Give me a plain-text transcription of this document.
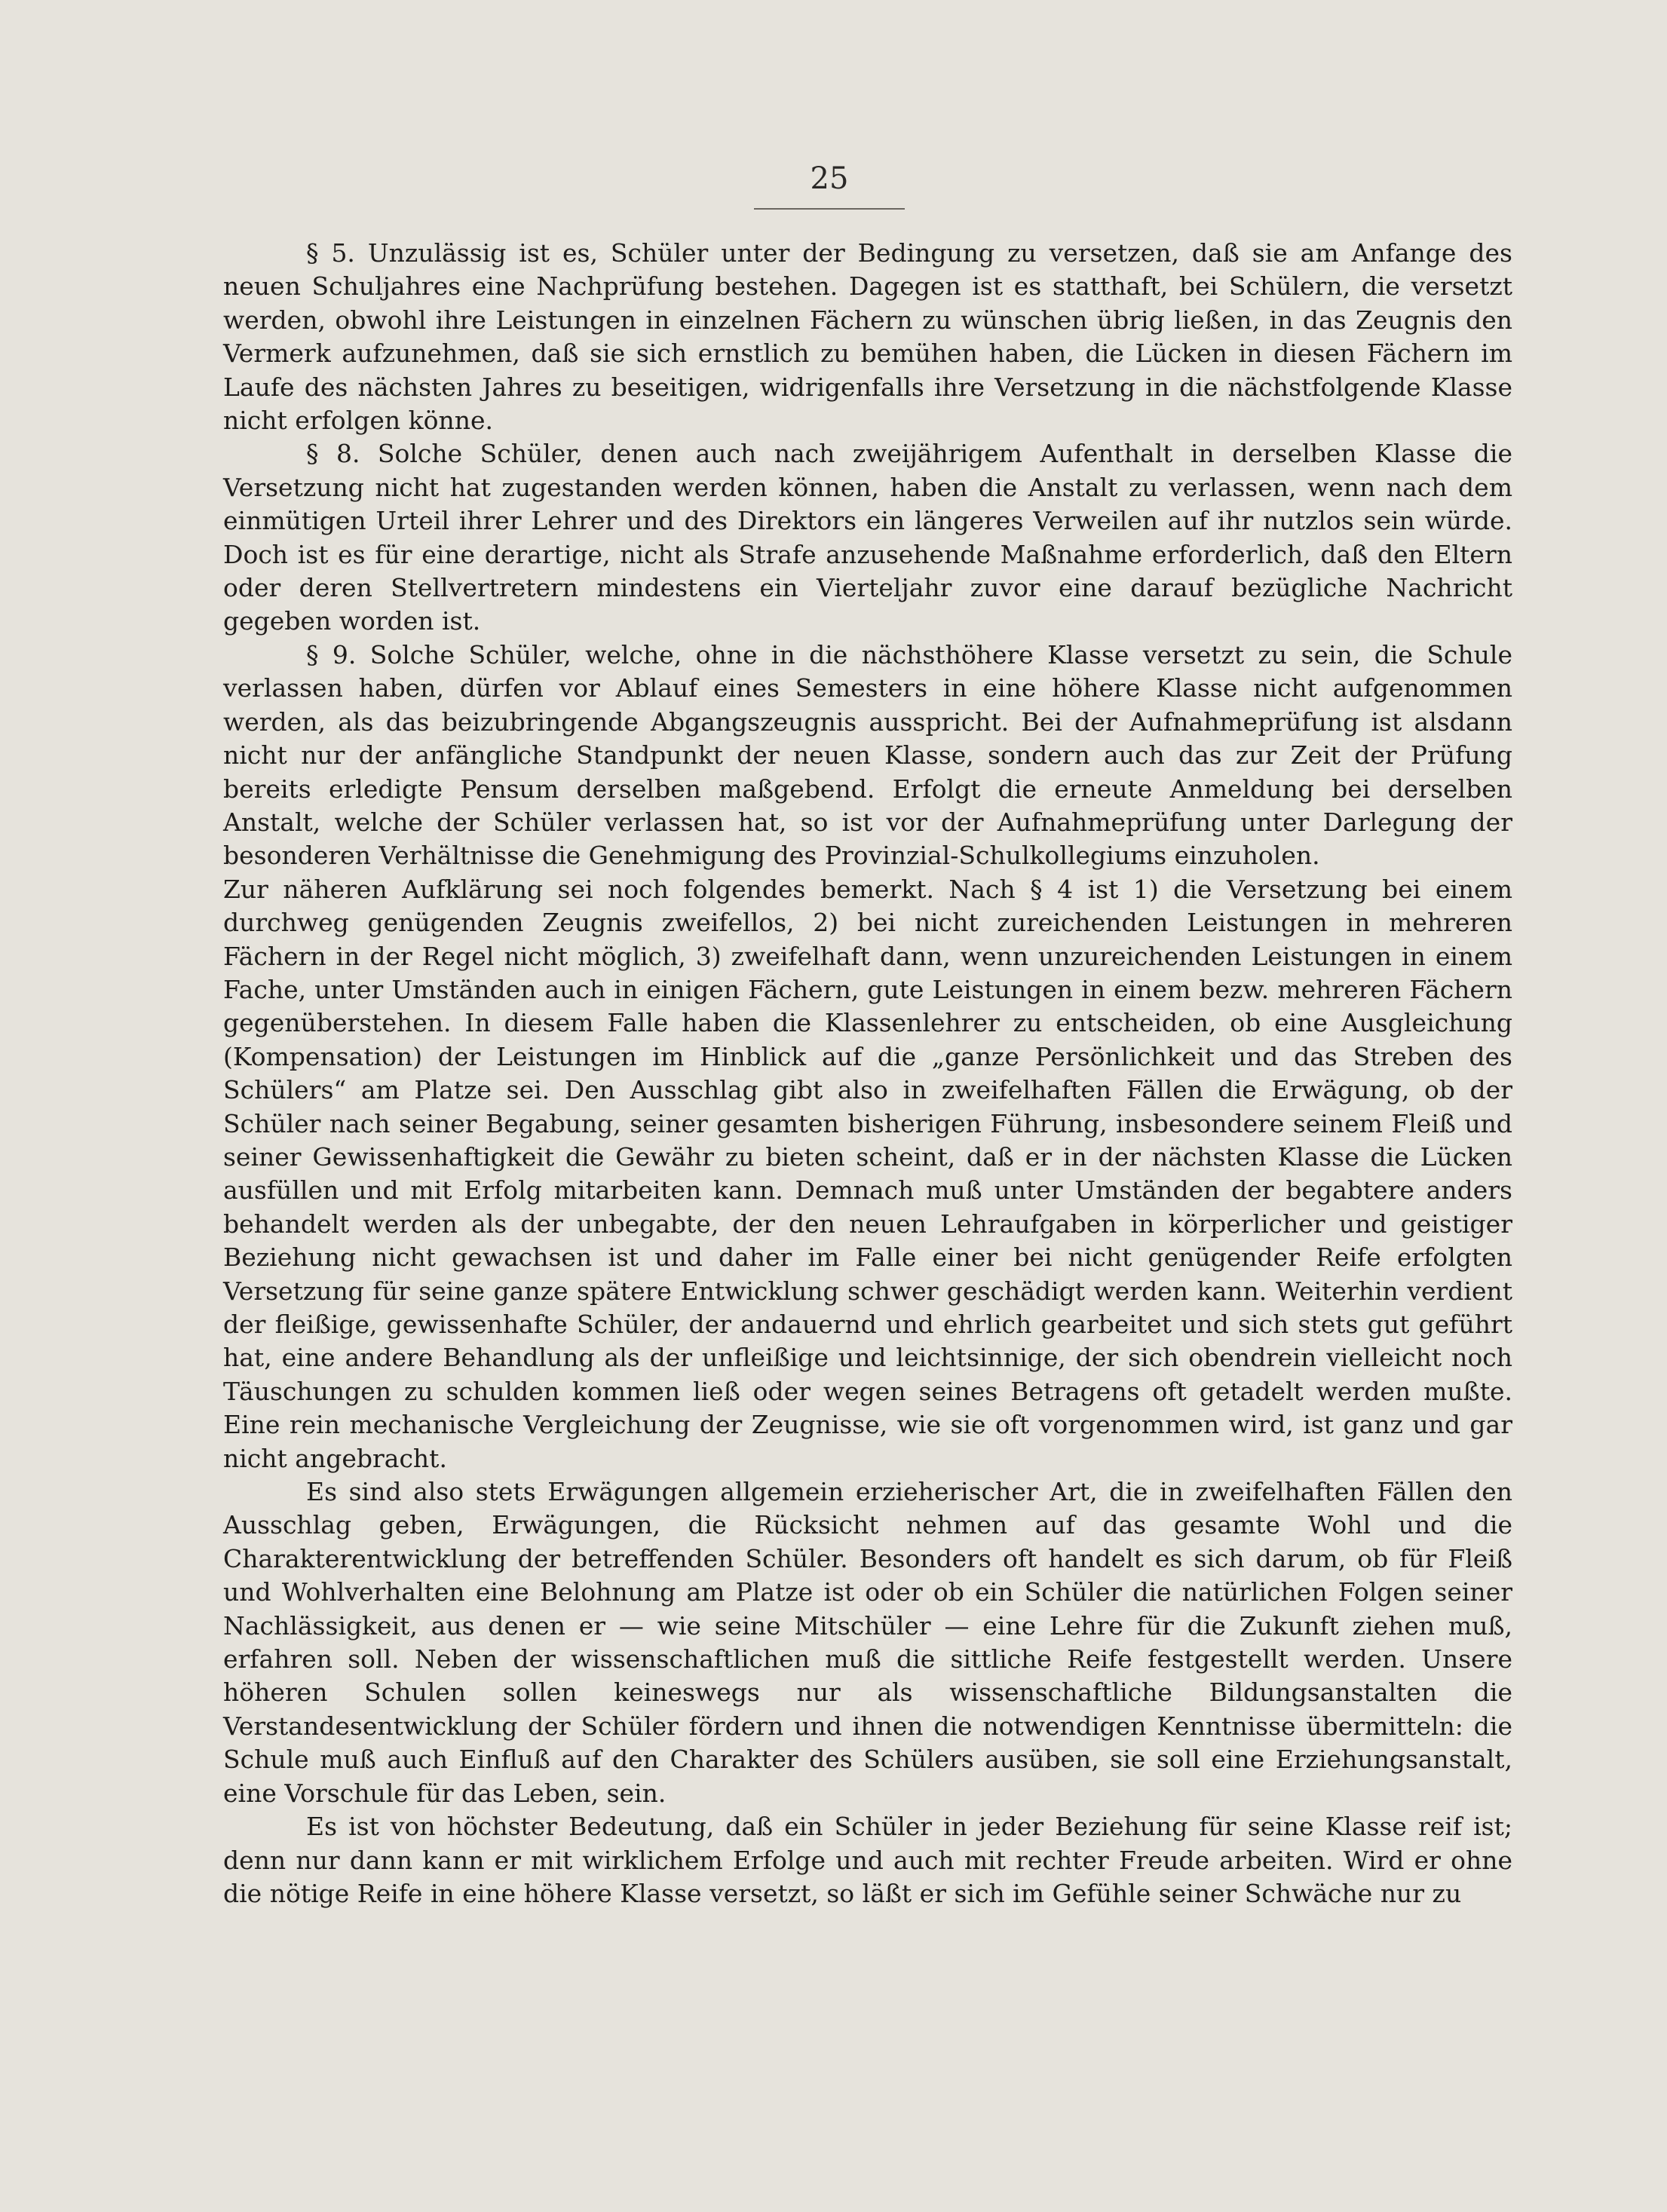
25

§ 5. Unzulässig ist es, Schüler unter der Bedingung zu versetzen, daß sie am Anfange des neuen Schuljahres eine Nachprüfung bestehen. Dagegen ist es statthaft, bei Schülern, die versetzt werden, obwohl ihre Leistungen in einzelnen Fächern zu wünschen übrig ließen, in das Zeugnis den Vermerk aufzunehmen, daß sie sich ernstlich zu bemühen haben, die Lücken in diesen Fächern im Laufe des nächsten Jahres zu beseitigen, widrigenfalls ihre Versetzung in die nächstfolgende Klasse nicht erfolgen könne.

§ 8. Solche Schüler, denen auch nach zweijährigem Aufenthalt in derselben Klasse die Versetzung nicht hat zugestanden werden können, haben die Anstalt zu verlassen, wenn nach dem einmütigen Urteil ihrer Lehrer und des Direktors ein längeres Verweilen auf ihr nutzlos sein würde. Doch ist es für eine derartige, nicht als Strafe anzusehende Maßnahme erforderlich, daß den Eltern oder deren Stellvertretern mindestens ein Vierteljahr zuvor eine darauf bezügliche Nachricht gegeben worden ist.

§ 9. Solche Schüler, welche, ohne in die nächsthöhere Klasse versetzt zu sein, die Schule verlassen haben, dürfen vor Ablauf eines Semesters in eine höhere Klasse nicht aufgenommen werden, als das beizubringende Abgangszeugnis ausspricht. Bei der Aufnahmeprüfung ist alsdann nicht nur der anfängliche Standpunkt der neuen Klasse, sondern auch das zur Zeit der Prüfung bereits erledigte Pensum derselben maßgebend. Erfolgt die erneute Anmeldung bei derselben Anstalt, welche der Schüler verlassen hat, so ist vor der Aufnahmeprüfung unter Darlegung der besonderen Verhältnisse die Genehmigung des Provinzial-Schulkollegiums einzuholen.

Zur näheren Aufklärung sei noch folgendes bemerkt. Nach § 4 ist 1) die Versetzung bei einem durchweg genügenden Zeugnis zweifellos, 2) bei nicht zureichenden Leistungen in mehreren Fächern in der Regel nicht möglich, 3) zweifelhaft dann, wenn unzureichenden Leistungen in einem Fache, unter Umständen auch in einigen Fächern, gute Leistungen in einem bezw. mehreren Fächern gegenüberstehen. In diesem Falle haben die Klassenlehrer zu entscheiden, ob eine Ausgleichung (Kompensation) der Leistungen im Hinblick auf die „ganze Persönlichkeit und das Streben des Schülers“ am Platze sei. Den Ausschlag gibt also in zweifelhaften Fällen die Erwägung, ob der Schüler nach seiner Begabung, seiner gesamten bisherigen Führung, insbesondere seinem Fleiß und seiner Gewissenhaftigkeit die Gewähr zu bieten scheint, daß er in der nächsten Klasse die Lücken ausfüllen und mit Erfolg mitarbeiten kann. Demnach muß unter Umständen der begabtere anders behandelt werden als der unbegabte, der den neuen Lehraufgaben in körperlicher und geistiger Beziehung nicht gewachsen ist und daher im Falle einer bei nicht genügender Reife erfolgten Versetzung für seine ganze spätere Entwicklung schwer geschädigt werden kann. Weiterhin verdient der fleißige, gewissenhafte Schüler, der andauernd und ehrlich gearbeitet und sich stets gut geführt hat, eine andere Behandlung als der unfleißige und leichtsinnige, der sich obendrein vielleicht noch Täuschungen zu schulden kommen ließ oder wegen seines Betragens oft getadelt werden mußte. Eine rein mechanische Vergleichung der Zeugnisse, wie sie oft vorgenommen wird, ist ganz und gar nicht angebracht.

Es sind also stets Erwägungen allgemein erzieherischer Art, die in zweifelhaften Fällen den Ausschlag geben, Erwägungen, die Rücksicht nehmen auf das gesamte Wohl und die Charakterentwicklung der betreffenden Schüler. Besonders oft handelt es sich darum, ob für Fleiß und Wohlverhalten eine Belohnung am Platze ist oder ob ein Schüler die natürlichen Folgen seiner Nachlässigkeit, aus denen er — wie seine Mitschüler — eine Lehre für die Zukunft ziehen muß, erfahren soll. Neben der wissenschaftlichen muß die sittliche Reife festgestellt werden. Unsere höheren Schulen sollen keineswegs nur als wissenschaftliche Bildungsanstalten die Verstandesentwicklung der Schüler fördern und ihnen die notwendigen Kenntnisse übermitteln: die Schule muß auch Einfluß auf den Charakter des Schülers ausüben, sie soll eine Erziehungsanstalt, eine Vorschule für das Leben, sein.

Es ist von höchster Bedeutung, daß ein Schüler in jeder Beziehung für seine Klasse reif ist; denn nur dann kann er mit wirklichem Erfolge und auch mit rechter Freude arbeiten. Wird er ohne die nötige Reife in eine höhere Klasse versetzt, so läßt er sich im Gefühle seiner Schwäche nur zu
